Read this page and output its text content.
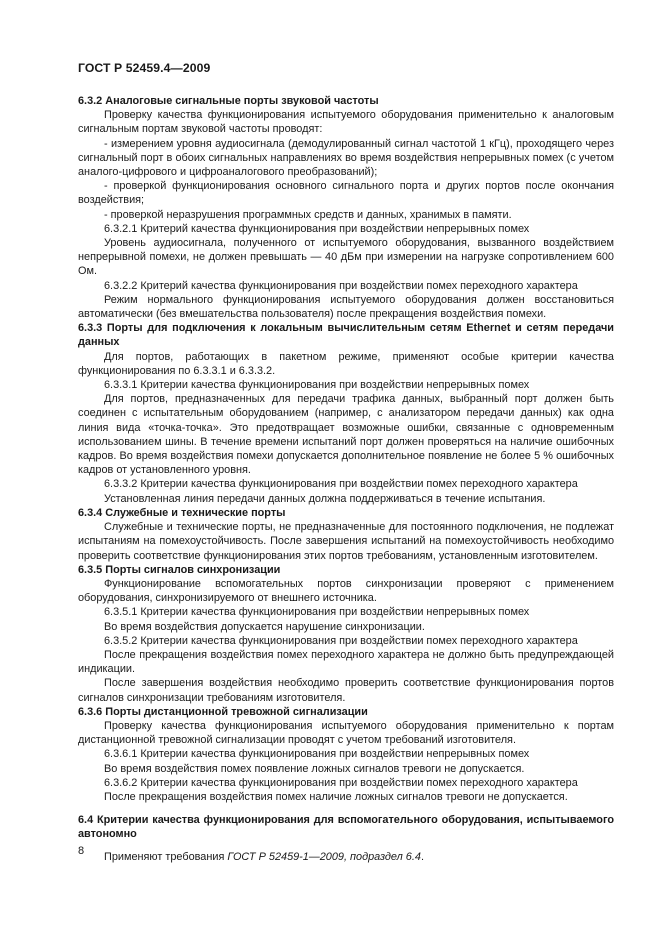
ГОСТ Р 52459.4—2009

6.3.2 Аналоговые сигнальные порты звуковой частоты

Проверку качества функционирования испытуемого оборудования применительно к аналоговым сигнальным портам звуковой частоты проводят:

- измерением уровня аудиосигнала (демодулированный сигнал частотой 1 кГц), проходящего через сигнальный порт в обоих сигнальных направлениях во время воздействия непрерывных помех (с учетом аналого-цифрового и цифроаналогового преобразований);

- проверкой функционирования основного сигнального порта и других портов после окончания воздействия;

- проверкой неразрушения программных средств и данных, хранимых в памяти.

6.3.2.1 Критерий качества функционирования при воздействии непрерывных помех

Уровень аудиосигнала, полученного от испытуемого оборудования, вызванного воздействием непрерывной помехи, не должен превышать — 40 дБм при измерении на нагрузке сопротивлением 600 Ом.

6.3.2.2 Критерий качества функционирования при воздействии помех переходного характера

Режим нормального функционирования испытуемого оборудования должен восстановиться автоматически (без вмешательства пользователя) после прекращения воздействия помехи.

6.3.3 Порты для подключения к локальным вычислительным сетям Ethernet и сетям передачи данных

Для портов, работающих в пакетном режиме, применяют особые критерии качества функционирования по 6.3.3.1 и 6.3.3.2.

6.3.3.1 Критерии качества функционирования при воздействии непрерывных помех

Для портов, предназначенных для передачи трафика данных, выбранный порт должен быть соединен с испытательным оборудованием (например, с анализатором передачи данных) как одна линия вида «точка-точка». Это предотвращает возможные ошибки, связанные с одновременным использованием шины. В течение времени испытаний порт должен проверяться на наличие ошибочных кадров. Во время воздействия помехи допускается дополнительное появление не более 5 % ошибочных кадров от установленного уровня.

6.3.3.2 Критерии качества функционирования при воздействии помех переходного характера

Установленная линия передачи данных должна поддерживаться в течение испытания.

6.3.4 Служебные и технические порты

Служебные и технические порты, не предназначенные для постоянного подключения, не подлежат испытаниям на помехоустойчивость. После завершения испытаний на помехоустойчивость необходимо проверить соответствие функционирования этих портов требованиям, установленным изготовителем.

6.3.5 Порты сигналов синхронизации

Функционирование вспомогательных портов синхронизации проверяют с применением оборудования, синхронизируемого от внешнего источника.

6.3.5.1 Критерии качества функционирования при воздействии непрерывных помех

Во время воздействия допускается нарушение синхронизации.

6.3.5.2 Критерии качества функционирования при воздействии помех переходного характера

После прекращения воздействия помех переходного характера не должно быть предупреждающей индикации.

После завершения воздействия необходимо проверить соответствие функционирования портов сигналов синхронизации требованиям изготовителя.

6.3.6 Порты дистанционной тревожной сигнализации

Проверку качества функционирования испытуемого оборудования применительно к портам дистанционной тревожной сигнализации проводят с учетом требований изготовителя.

6.3.6.1 Критерии качества функционирования при воздействии непрерывных помех

Во время воздействия помех появление ложных сигналов тревоги не допускается.

6.3.6.2 Критерии качества функционирования при воздействии помех переходного характера

После прекращения воздействия помех наличие ложных сигналов тревоги не допускается.

6.4 Критерии качества функционирования для вспомогательного оборудования, испытываемого автономно

Применяют требования ГОСТ Р 52459-1—2009, подраздел 6.4.

8
